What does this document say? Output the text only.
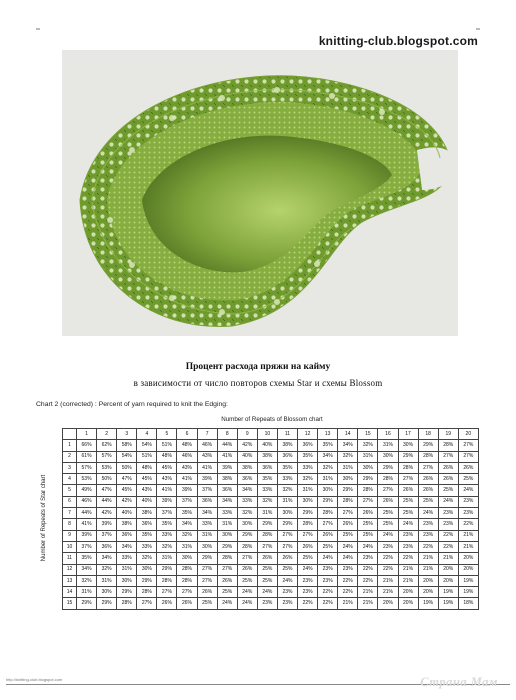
knitting-club.blogspot.com
Процент расхода пряжи на кайму
в зависимости от число повторов схемы Star и схемы Blossom
Chart 2 (corrected) : Percent of yarn required to knit the Edging:
Number of Repeats of Blossom chart
Number of Repeats of Star chart
	1	2	3	4	5	6	7	8	9	10	11	12	13	14	15	16	17	18	19	20
1	66%	62%	58%	54%	51%	48%	46%	44%	42%	40%	38%	36%	35%	34%	32%	31%	30%	29%	28%	27%
2	61%	57%	54%	51%	48%	46%	43%	41%	40%	38%	36%	35%	34%	32%	31%	30%	29%	28%	27%	27%
3	57%	53%	50%	48%	45%	43%	41%	39%	38%	36%	35%	33%	32%	31%	30%	29%	28%	27%	26%	26%
4	53%	50%	47%	45%	43%	41%	39%	38%	36%	35%	33%	32%	31%	30%	29%	28%	27%	26%	26%	25%
5	49%	47%	45%	43%	41%	39%	37%	36%	34%	33%	32%	31%	30%	29%	28%	27%	26%	26%	25%	24%
6	46%	44%	42%	40%	39%	37%	36%	34%	33%	32%	31%	30%	29%	28%	27%	26%	25%	25%	24%	23%
7	44%	42%	40%	38%	37%	35%	34%	33%	32%	31%	30%	29%	28%	27%	26%	25%	25%	24%	23%	23%
8	41%	39%	38%	36%	35%	34%	33%	31%	30%	29%	29%	28%	27%	26%	25%	25%	24%	23%	23%	22%
9	39%	37%	36%	35%	33%	32%	31%	30%	29%	28%	27%	27%	26%	25%	25%	24%	23%	23%	22%	21%
10	37%	36%	34%	33%	32%	31%	30%	29%	28%	27%	27%	26%	25%	24%	24%	23%	23%	22%	22%	21%
11	35%	34%	33%	32%	31%	30%	29%	28%	27%	26%	26%	25%	24%	24%	23%	22%	22%	21%	21%	20%
12	34%	32%	31%	30%	29%	28%	27%	27%	26%	25%	25%	24%	23%	23%	22%	22%	21%	21%	20%	20%
13	32%	31%	30%	29%	28%	28%	27%	26%	25%	25%	24%	23%	23%	22%	22%	21%	21%	20%	20%	19%
14	31%	30%	29%	28%	27%	27%	26%	25%	24%	24%	23%	23%	22%	22%	21%	21%	20%	20%	19%	19%
15	29%	29%	28%	27%	26%	26%	25%	24%	24%	23%	23%	22%	22%	21%	21%	20%	20%	19%	19%	18%
http://knitting-club.blogspot.com	Страна Мам
